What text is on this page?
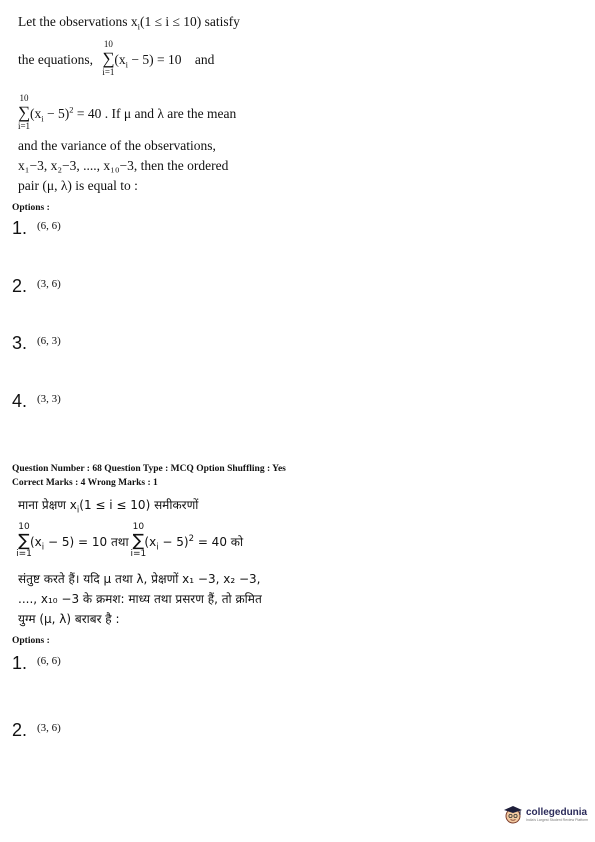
Let the observations $x_i(1 \le i \le 10)$ satisfy
the equations,
10
∑
i=1
$(x_i - 5) = 10$ and
10
∑
i=1
$(x_i - 5)^2 = 40$ . If μ and λ are the mean
and the variance of the observations,
x₁−3, x₂−3, ...., x₁₀−3, then the ordered
pair (μ, λ) is equal to :
Options :
1. $^{(6, 6)}$
2. $^{(3, 6)}$
3. $^{(6, 3)}$
4. $^{(3, 3)}$
Question Number : 68 Question Type : MCQ Option Shuffling : Yes
Correct Marks : 4 Wrong Marks : 1
माना प्रेक्षण $x_i(1 \le i \le 10)$ समीकरणों
10
∑
i=1
$(x_i - 5) = 10$ तथा
10
∑
i=1
$(x_i - 5)^2 = 40$ को
संतुष्ट करते हैं। यदि μ तथा λ, प्रेक्षणों x₁ −3, x₂ −3,
...., x₁₀ −3 के क्रमश: माध्य तथा प्रसरण हैं, तो क्रमित
युग्म (μ, λ) बराबर है :
Options :
1. $^{(6, 6)}$
2. $^{(3, 6)}$
collegedunia
India's Largest Student Review Platform
